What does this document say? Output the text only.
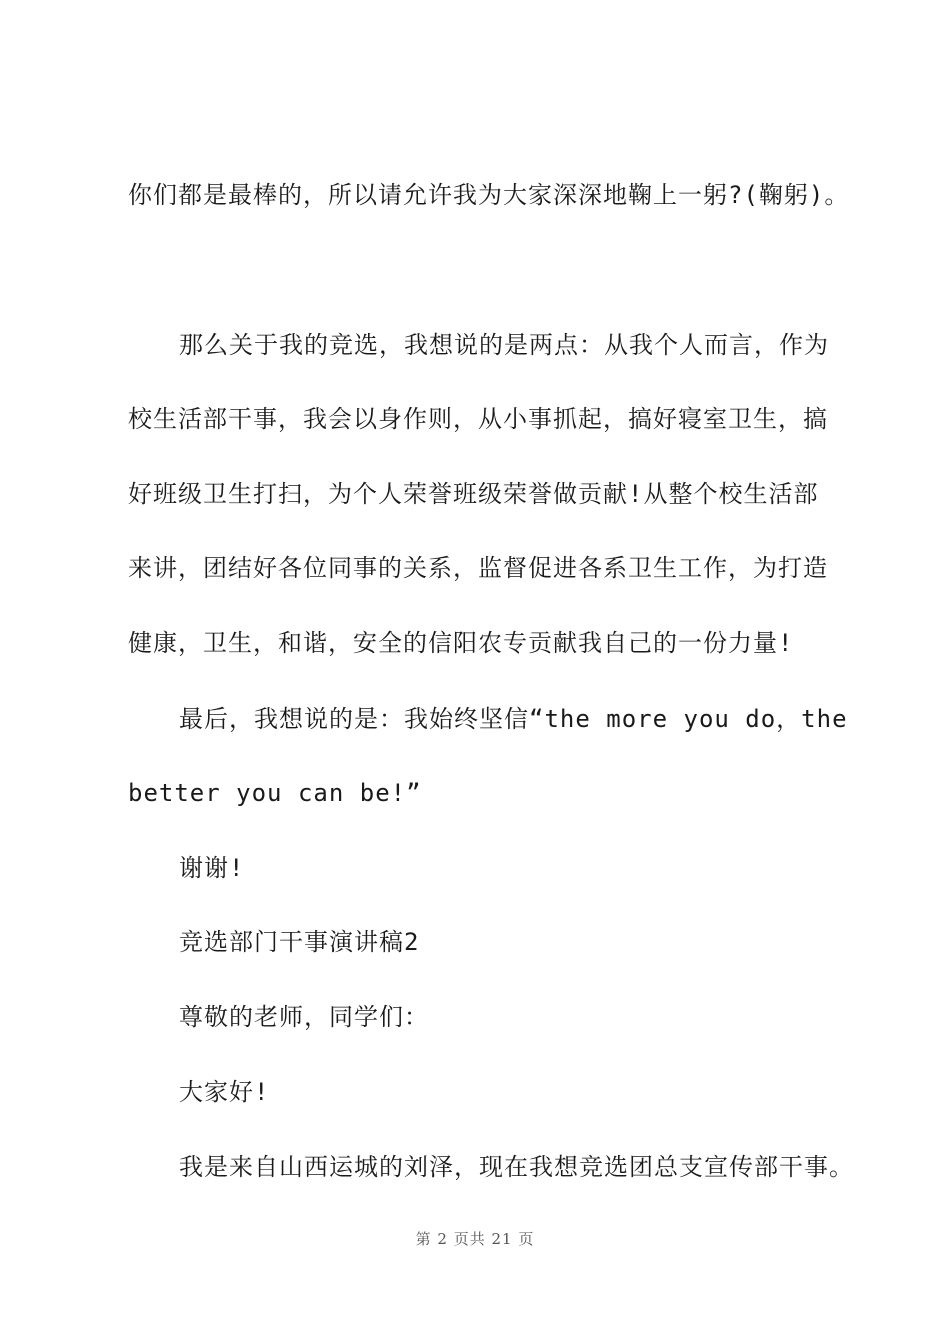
你们都是最棒的，所以请允许我为大家深深地鞠上一躬?(鞠躬)。
那么关于我的竞选，我想说的是两点：从我个人而言，作为
校生活部干事，我会以身作则，从小事抓起，搞好寝室卫生，搞
好班级卫生打扫，为个人荣誉班级荣誉做贡献!从整个校生活部
来讲，团结好各位同事的关系，监督促进各系卫生工作，为打造
健康，卫生，和谐，安全的信阳农专贡献我自己的一份力量!
最后，我想说的是：我始终坚信“the more you do，the
better you can be!”
谢谢!
竞选部门干事演讲稿2
尊敬的老师，同学们：
大家好!
我是来自山西运城的刘泽，现在我想竞选团总支宣传部干事。
第 2 页共 21 页
